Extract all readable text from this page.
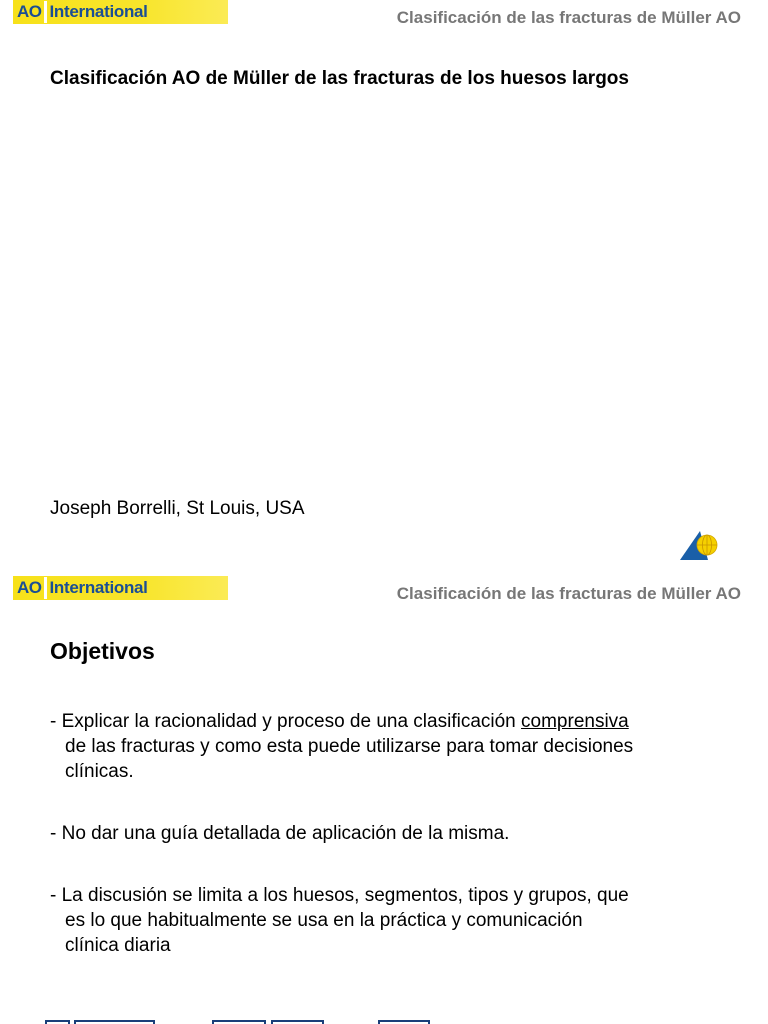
AO International	Clasificación de las fracturas de Müller AO
Clasificación AO de Müller de las fracturas de los huesos largos
Joseph Borrelli, St Louis, USA
AO International	Clasificación de las fracturas de Müller AO
Objetivos
- Explicar la racionalidad y proceso de una clasificación comprensiva
de las fracturas y como esta puede utilizarse para tomar decisiones
clínicas.
- No dar una guía detallada de aplicación de la misma.
- La discusión se limita a los huesos, segmentos, tipos y grupos, que
es lo que habitualmente se usa en la práctica y comunicación
clínica diaria
